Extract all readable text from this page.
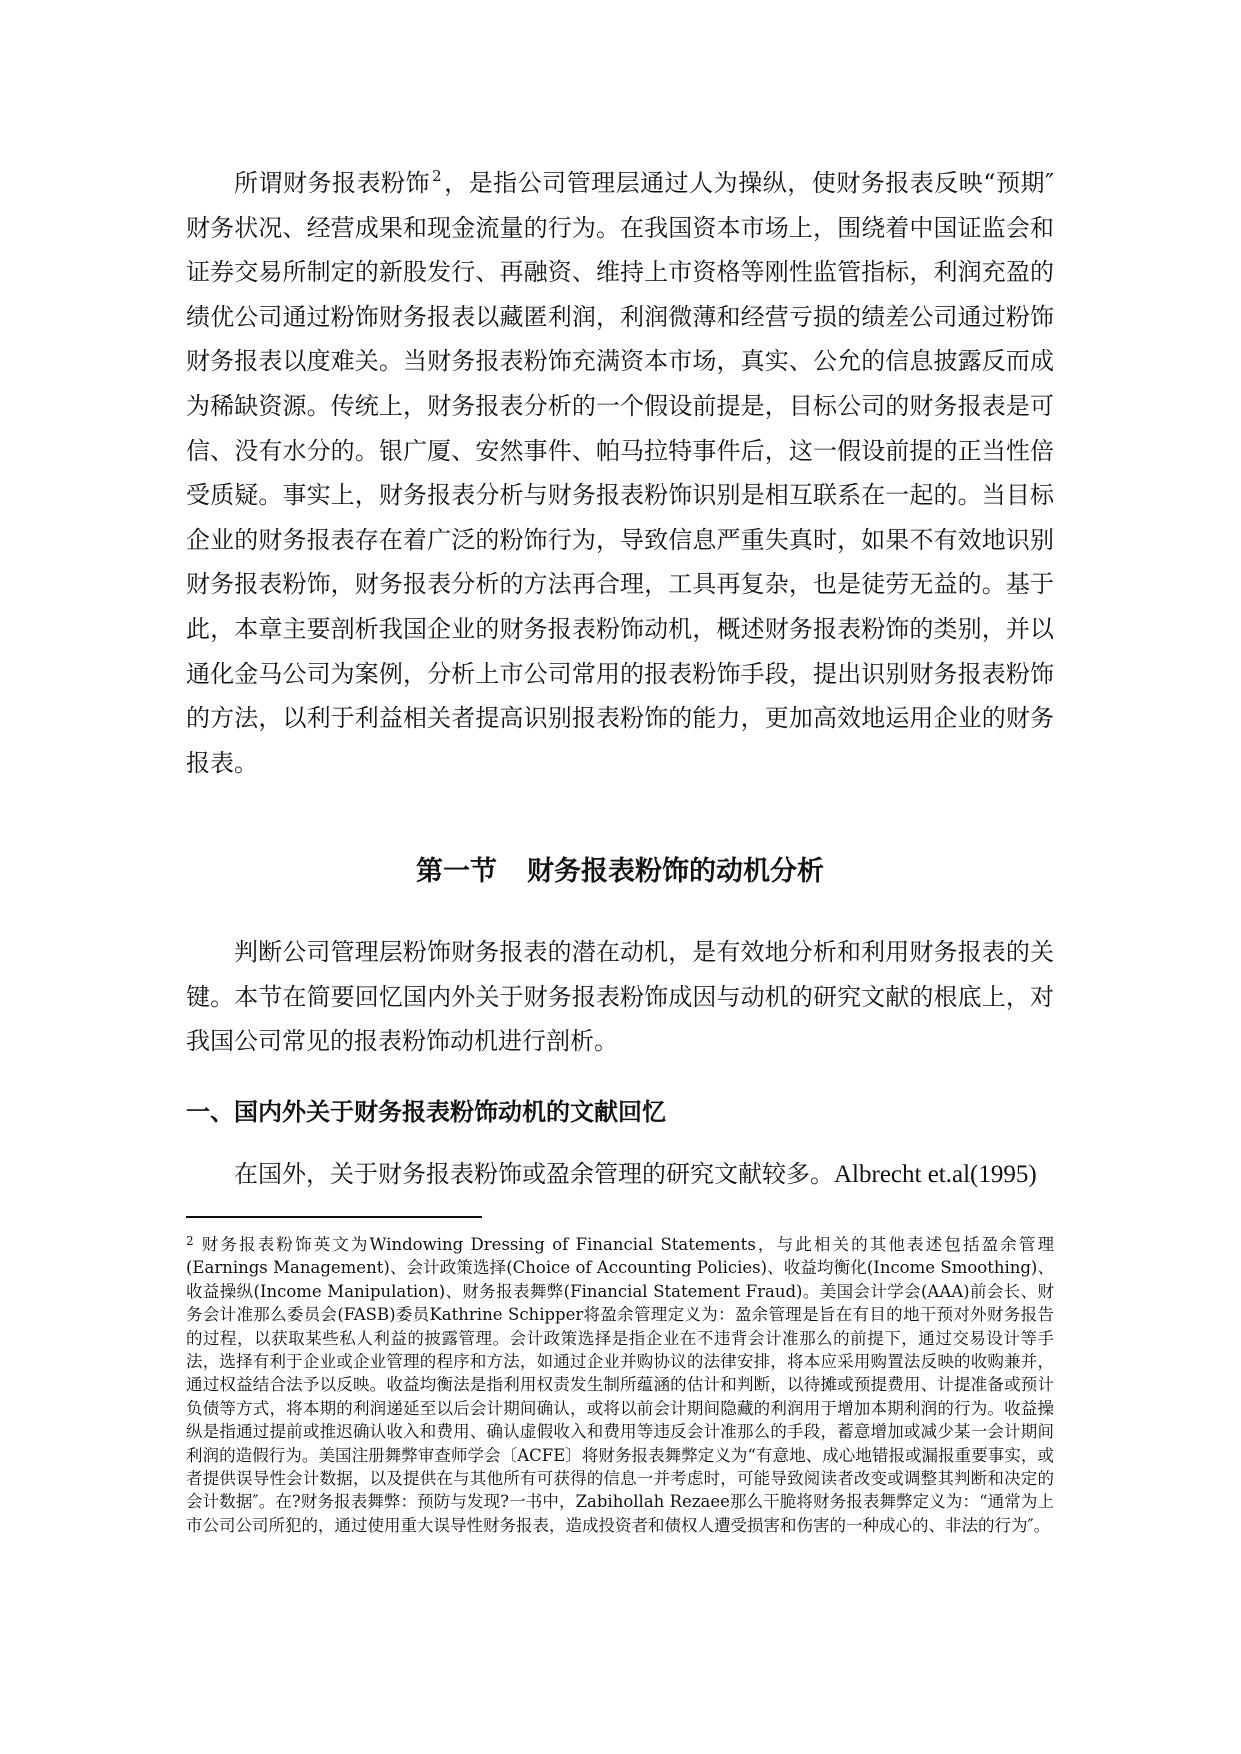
所谓财务报表粉饰 $^2$，是指公司管理层通过人为操纵，使财务报表反映“预期″财务状况、经营成果和现金流量的行为。在我国资本市场上，围绕着中国证监会和证券交易所制定的新股发行、再融资、维持上市资格等刚性监管指标，利润充盈的绩优公司通过粉饰财务报表以藏匿利润，利润微薄和经营亏损的绩差公司通过粉饰财务报表以度难关。当财务报表粉饰充满资本市场，真实、公允的信息披露反而成为稀缺资源。传统上，财务报表分析的一个假设前提是，目标公司的财务报表是可信、没有水分的。银广厦、安然事件、帕马拉特事件后，这一假设前提的正当性倍受质疑。事实上，财务报表分析与财务报表粉饰识别是相互联系在一起的。当目标企业的财务报表存在着广泛的粉饰行为，导致信息严重失真时，如果不有效地识别财务报表粉饰，财务报表分析的方法再合理，工具再复杂，也是徒劳无益的。基于此，本章主要剖析我国企业的财务报表粉饰动机，概述财务报表粉饰的类别，并以通化金马公司为案例，分析上市公司常用的报表粉饰手段，提出识别财务报表粉饰的方法，以利于利益相关者提高识别报表粉饰的能力，更加高效地运用企业的财务报表。

第一节 财务报表粉饰的动机分析

判断公司管理层粉饰财务报表的潜在动机，是有效地分析和利用财务报表的关键。本节在简要回忆国内外关于财务报表粉饰成因与动机的研究文献的根底上，对我国公司常见的报表粉饰动机进行剖析。

一、国内外关于财务报表粉饰动机的文献回忆

在国外，关于财务报表粉饰或盈余管理的研究文献较多。Albrecht et.al(1995)

$^2$ 财务报表粉饰英文为Windowing Dressing of Financial Statements，与此相关的其他表述包括盈余管理(Earnings Management)、会计政策选择(Choice of Accounting Policies)、收益均衡化(Income Smoothing)、收益操纵(Income Manipulation)、财务报表舞弊(Financial Statement Fraud)。美国会计学会(AAA)前会长、财务会计准那么委员会(FASB)委员Kathrine Schipper将盈余管理定义为：盈余管理是旨在有目的地干预对外财务报告的过程，以获取某些私人利益的披露管理。会计政策选择是指企业在不违背会计准那么的前提下，通过交易设计等手法，选择有利于企业或企业管理的程序和方法，如通过企业并购协议的法律安排，将本应采用购置法反映的收购兼并，通过权益结合法予以反映。收益均衡法是指利用权责发生制所蕴涵的估计和判断，以待摊或预提费用、计提准备或预计负债等方式，将本期的利润递延至以后会计期间确认，或将以前会计期间隐藏的利润用于增加本期利润的行为。收益操纵是指通过提前或推迟确认收入和费用、确认虚假收入和费用等违反会计准那么的手段，蓄意增加或减少某一会计期间利润的造假行为。美国注册舞弊审查师学会〔ACFE〕将财务报表舞弊定义为“有意地、成心地错报或漏报重要事实，或者提供误导性会计数据，以及提供在与其他所有可获得的信息一并考虑时，可能导致阅读者改变或调整其判断和决定的会计数据″。在?财务报表舞弊：预防与发现?一书中，Zabihollah Rezaee那么干脆将财务报表舞弊定义为：“通常为上市公司公司所犯的，通过使用重大误导性财务报表，造成投资者和债权人遭受损害和伤害的一种成心的、非法的行为″。
